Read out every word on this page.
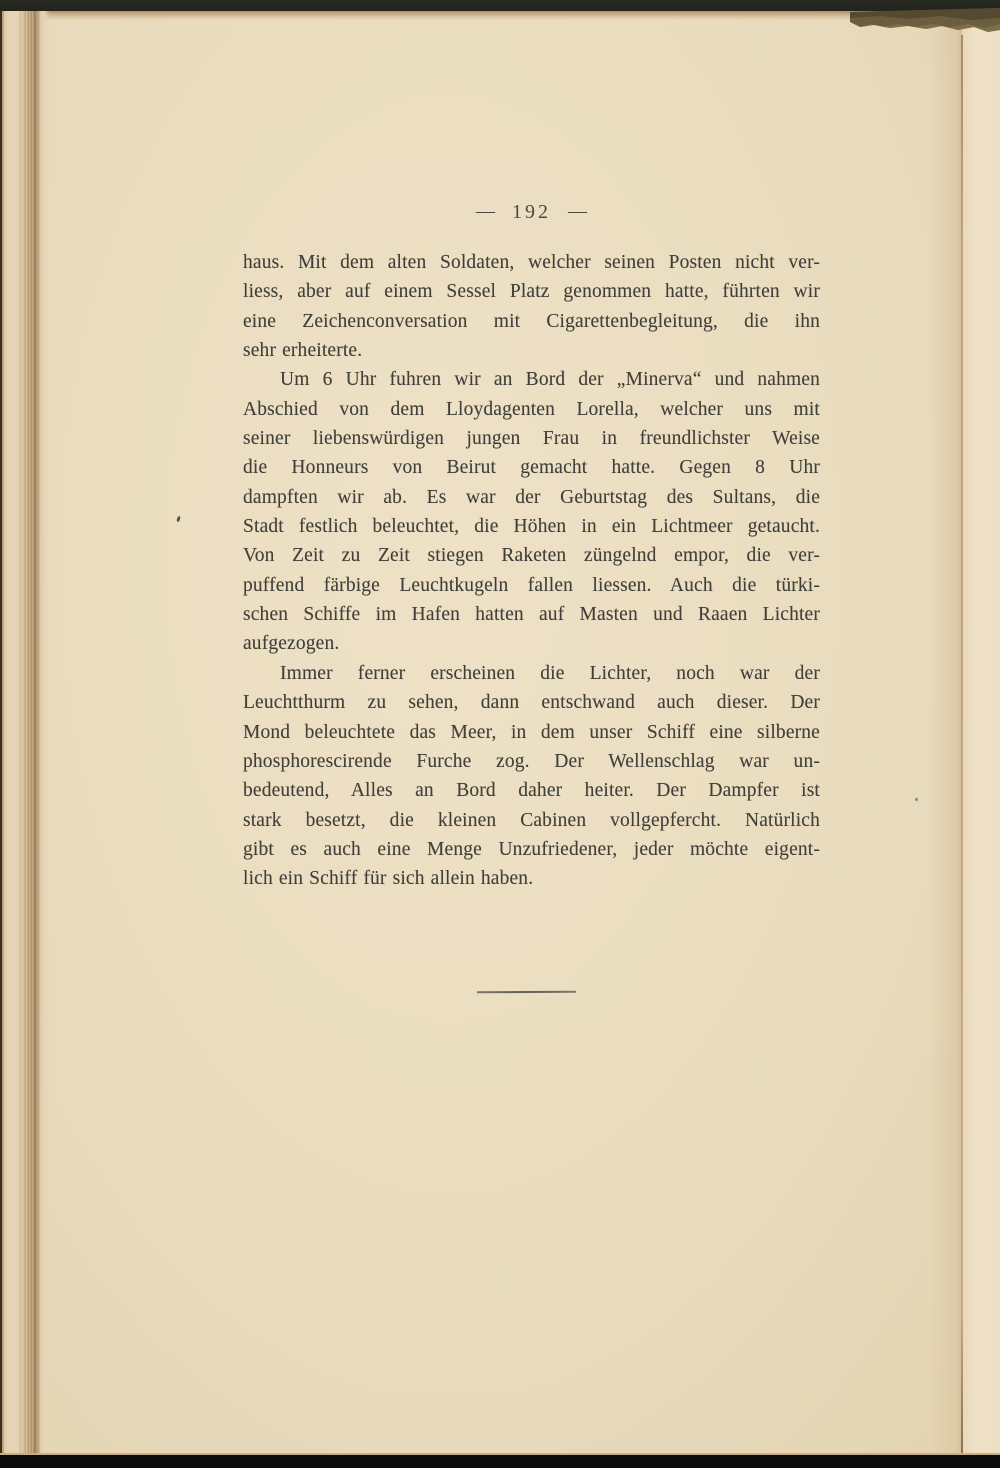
— 192 —
haus. Mit dem alten Soldaten, welcher seinen Posten nicht ver-
liess, aber auf einem Sessel Platz genommen hatte, führten wir
eine Zeichenconversation mit Cigarettenbegleitung, die ihn
sehr erheiterte.
Um 6 Uhr fuhren wir an Bord der „Minerva“ und nahmen
Abschied von dem Lloydagenten Lorella, welcher uns mit
seiner liebenswürdigen jungen Frau in freundlichster Weise
die Honneurs von Beirut gemacht hatte. Gegen 8 Uhr
dampften wir ab. Es war der Geburtstag des Sultans, die
Stadt festlich beleuchtet, die Höhen in ein Lichtmeer getaucht.
Von Zeit zu Zeit stiegen Raketen züngelnd empor, die ver-
puffend färbige Leuchtkugeln fallen liessen. Auch die türki-
schen Schiffe im Hafen hatten auf Masten und Raaen Lichter
aufgezogen.
Immer ferner erscheinen die Lichter, noch war der
Leuchtthurm zu sehen, dann entschwand auch dieser. Der
Mond beleuchtete das Meer, in dem unser Schiff eine silberne
phosphorescirende Furche zog. Der Wellenschlag war un-
bedeutend, Alles an Bord daher heiter. Der Dampfer ist
stark besetzt, die kleinen Cabinen vollgepfercht. Natürlich
gibt es auch eine Menge Unzufriedener, jeder möchte eigent-
lich ein Schiff für sich allein haben.
